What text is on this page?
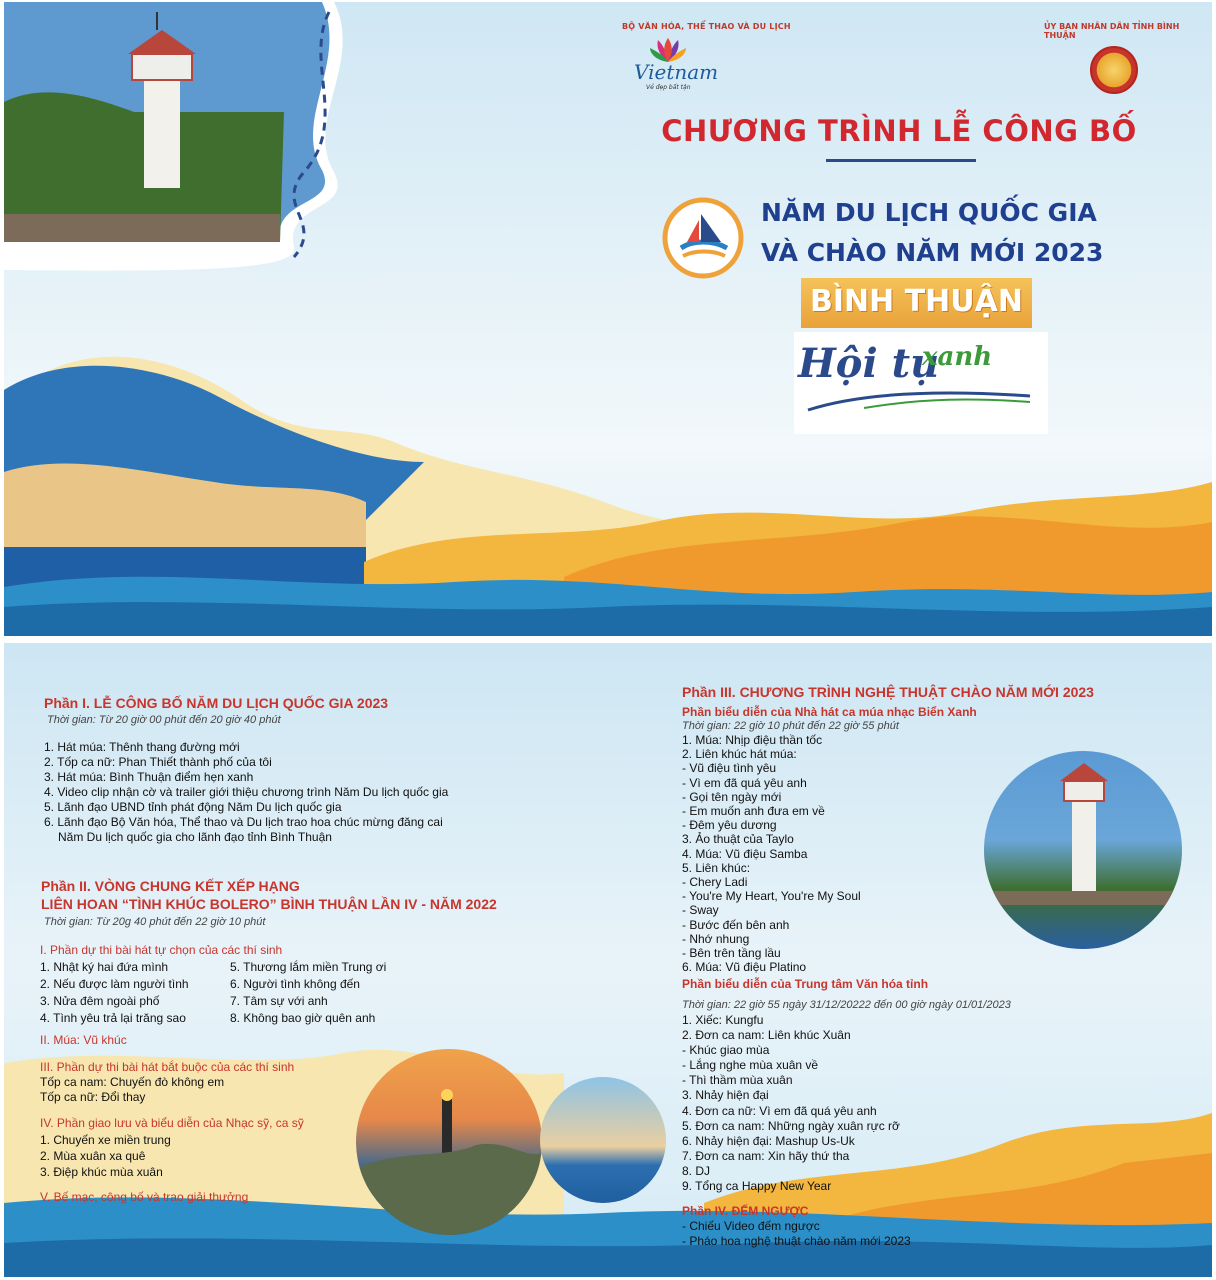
BỘ VĂN HÓA, THỂ THAO VÀ DU LỊCH	ỦY BAN NHÂN DÂN TỈNH BÌNH THUẬN
Vietnam
Vẻ đẹp bất tận
CHƯƠNG TRÌNH LỄ CÔNG BỐ
NĂM DU LỊCH QUỐC GIA
VÀ CHÀO NĂM MỚI 2023
BÌNH THUẬN
Hội tụ
xanh
Phần I. LỄ CÔNG BỐ NĂM DU LỊCH QUỐC GIA 2023
Thời gian: Từ 20 giờ 00 phút đến 20 giờ 40 phút
1. Hát múa: Thênh thang đường mới
2. Tốp ca nữ: Phan Thiết thành phố của tôi
3. Hát múa: Bình Thuận điểm hẹn xanh
4. Video clip nhận cờ và trailer giới thiệu chương trình Năm Du lịch quốc gia
5. Lãnh đạo UBND tỉnh phát động Năm Du lịch quốc gia
6. Lãnh đạo Bộ Văn hóa, Thể thao và Du lịch trao hoa chúc mừng đăng cai
Năm Du lịch quốc gia cho lãnh đạo tỉnh Bình Thuận
Phần II. VÒNG CHUNG KẾT XẾP HẠNG
LIÊN HOAN “TÌNH KHÚC BOLERO” BÌNH THUẬN LẦN IV - NĂM 2022
Thời gian: Từ 20g 40 phút đến 22 giờ 10 phút
I. Phần dự thi bài hát tự chọn của các thí sinh
1. Nhật ký hai đứa mình
2. Nếu được làm người tình
3. Nửa đêm ngoài phố
4. Tình yêu trả lại trăng sao
5. Thương lắm miền Trung ơi
6. Người tình không đến
7. Tâm sự với anh
8. Không bao giờ quên anh
II. Múa: Vũ khúc
III. Phần dự thi bài hát bắt buộc của các thí sinh
Tốp ca nam: Chuyến đò không em
Tốp ca nữ: Đổi thay
IV. Phần giao lưu và biểu diễn của Nhạc sỹ, ca sỹ
1. Chuyến xe miền trung
2. Mùa xuân xa quê
3. Điệp khúc mùa xuân
V. Bế mạc, công bố và trao giải thưởng
Phần III. CHƯƠNG TRÌNH NGHỆ THUẬT CHÀO NĂM MỚI 2023
Phần biểu diễn của Nhà hát ca múa nhạc Biển Xanh
Thời gian: 22 giờ 10 phút đến 22 giờ 55 phút
1. Múa: Nhịp điệu thần tốc
2. Liên khúc hát múa:
- Vũ điệu tình yêu
- Vì em đã quá yêu anh
- Gọi tên ngày mới
- Em muốn anh đưa em về
- Đêm yêu dương
3. Ảo thuật của Taylo
4. Múa: Vũ điệu Samba
5. Liên khúc:
- Chery Ladi
- You're My Heart, You're My Soul
- Sway
- Bước đến bên anh
- Nhớ nhung
- Bên trên tầng lầu
6. Múa: Vũ điệu Platino
Phần biểu diễn của Trung tâm Văn hóa tỉnh
Thời gian: 22 giờ 55 ngày 31/12/20222 đến 00 giờ ngày 01/01/2023
1. Xiếc: Kungfu
2. Đơn ca nam: Liên khúc Xuân
- Khúc giao mùa
- Lắng nghe mùa xuân về
- Thì thầm mùa xuân
3. Nhảy hiện đại
4. Đơn ca nữ: Vì em đã quá yêu anh
5. Đơn ca nam: Những ngày xuân rực rỡ
6. Nhảy hiện đại: Mashup Us-Uk
7. Đơn ca nam: Xin hãy thứ tha
8. DJ
9. Tổng ca Happy New Year
Phần IV. ĐẾM NGƯỢC
- Chiếu Video đếm ngược
- Pháo hoa nghệ thuật chào năm mới 2023
